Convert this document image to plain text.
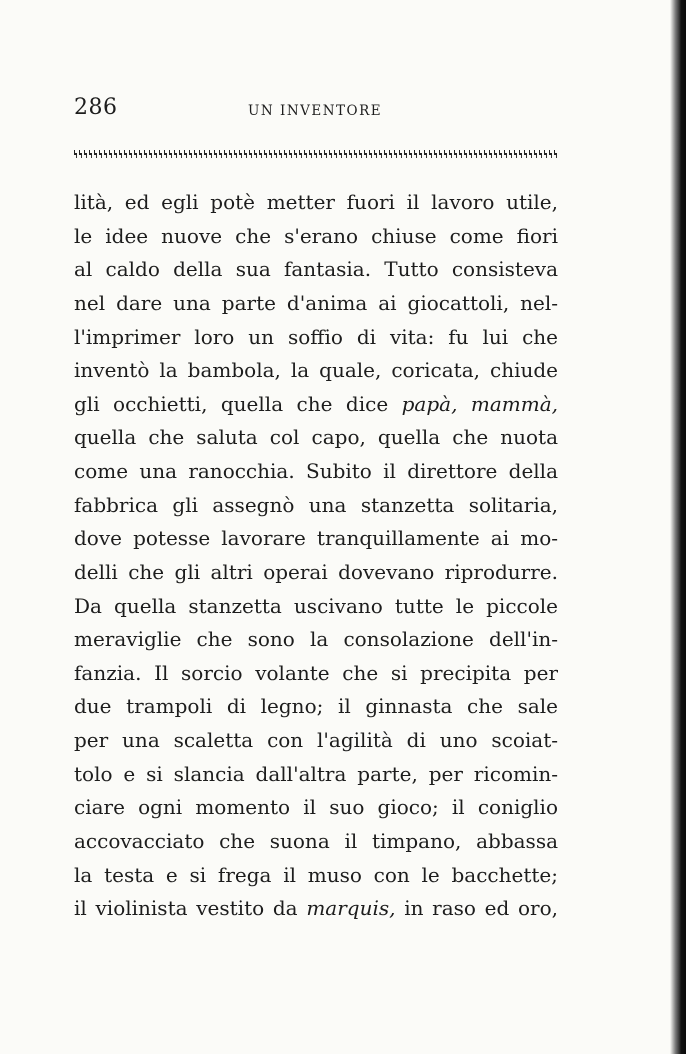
286	UN INVENTORE
lità, ed egli potè metter fuori il lavoro utile,
le idee nuove che s'erano chiuse come fiori
al caldo della sua fantasia. Tutto consisteva
nel dare una parte d'anima ai giocattoli, nel-
l'imprimer loro un soffio di vita: fu lui che
inventò la bambola, la quale, coricata, chiude
gli occhietti, quella che dice papà, mammà,
quella che saluta col capo, quella che nuota
come una ranocchia. Subito il direttore della
fabbrica gli assegnò una stanzetta solitaria,
dove potesse lavorare tranquillamente ai mo-
delli che gli altri operai dovevano riprodurre.
Da quella stanzetta uscivano tutte le piccole
meraviglie che sono la consolazione dell'in-
fanzia. Il sorcio volante che si precipita per
due trampoli di legno; il ginnasta che sale
per una scaletta con l'agilità di uno scoiat-
tolo e si slancia dall'altra parte, per ricomin-
ciare ogni momento il suo gioco; il coniglio
accovacciato che suona il timpano, abbassa
la testa e si frega il muso con le bacchette;
il violinista vestito da marquis, in raso ed oro,
